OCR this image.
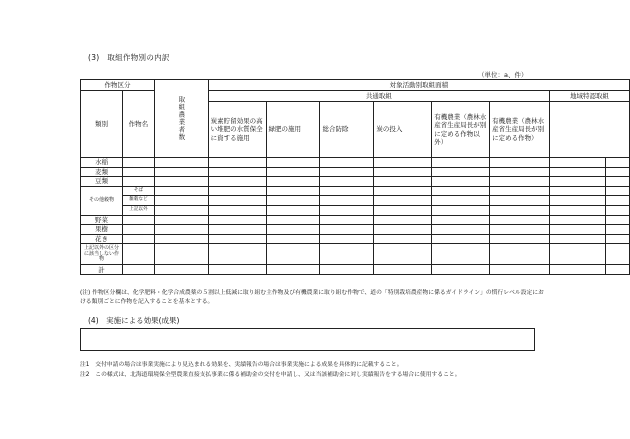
(3)　取組作物別の内訳
（単位：a、件）
作物区分		取組農業者数	対象活動別取組面積							
類別	作物名		共通取組						地域特認取組	
			炭素貯留効果の高い堆肥の水質保全に資する施用	緑肥の施用	総合防除	炭の投入	有機農業（農林水産省生産局長が別に定める作物以外）	有機農業（農林水産省生産局長が別に定める作物）		
水稲										
麦類										
豆類										
その他穀物	そば									
	雑穀など									
	上記以外									
野菜										
果樹										
花き										
上記以外の区分に該当しない作物										
計										
(注) 作物区分欄は、化学肥料・化学合成農薬の５割以上低減に取り組む主作物及び有機農業に取り組む作物で、道の「特別栽培農産物に係るガイドライン」の慣行レベル設定における類別ごとに作物を記入することを基本とする。
(4)　実施による効果(成果)
注1　交付申請の場合は事業実施により見込まれる効果を、実績報告の場合は事業実施による成果を具体的に記載すること。
注2　この様式は、北海道環境保全型農業直接支払事業に係る補助金の交付を申請し、又は当該補助金に対し実績報告をする場合に使用すること。
